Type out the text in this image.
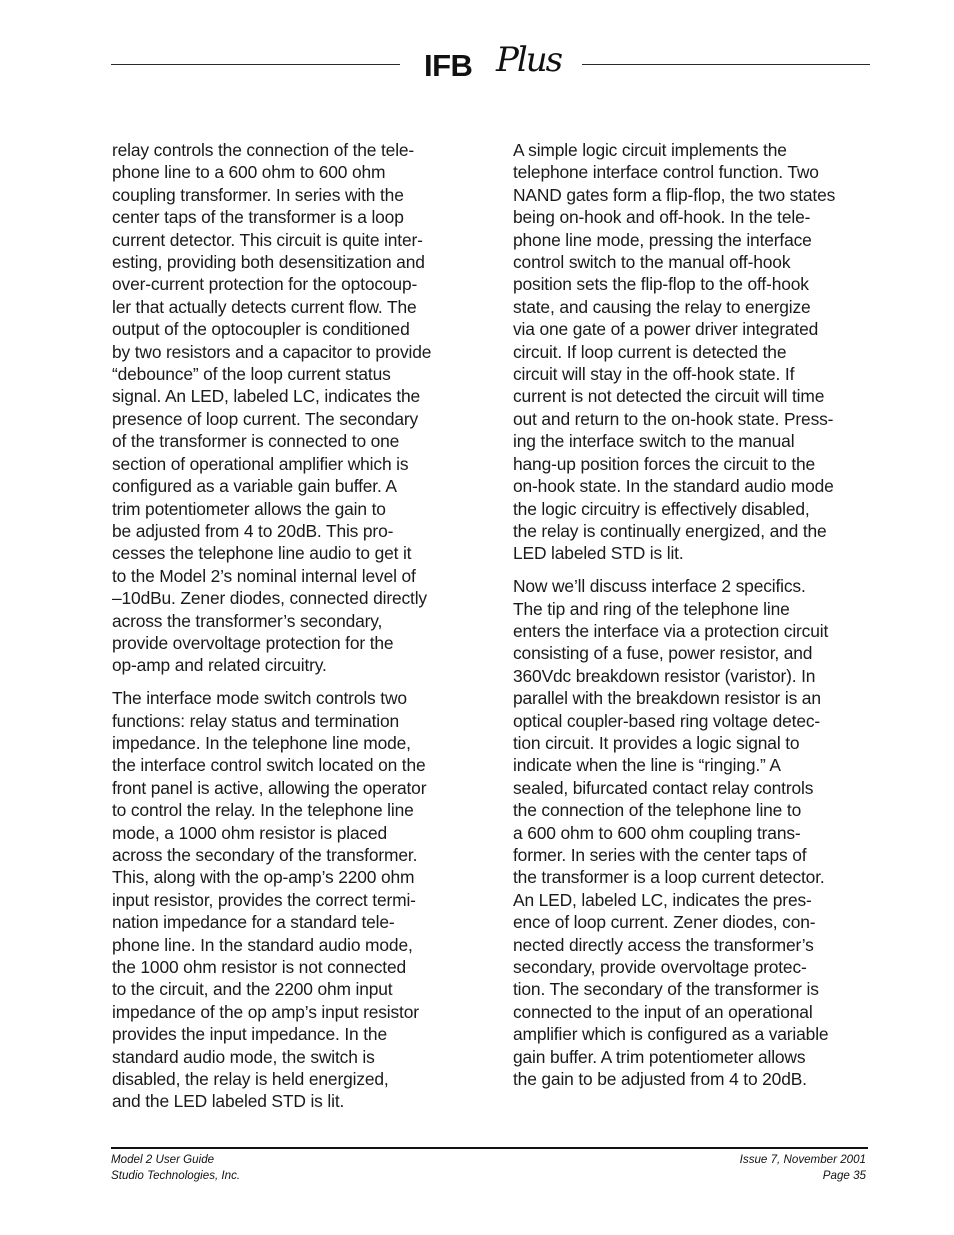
IFB Plus

relay controls the connection of the tele-
phone line to a 600 ohm to 600 ohm
coupling transformer. In series with the
center taps of the transformer is a loop
current detector. This circuit is quite inter-
esting, providing both desensitization and
over-current protection for the optocoup-
ler that actually detects current flow. The
output of the optocoupler is conditioned
by two resistors and a capacitor to provide
“debounce” of the loop current status
signal. An LED, labeled LC, indicates the
presence of loop current. The secondary
of the transformer is connected to one
section of operational amplifier which is
configured as a variable gain buffer. A
trim potentiometer allows the gain to
be adjusted from 4 to 20dB. This pro-
cesses the telephone line audio to get it
to the Model 2’s nominal internal level of
–10dBu. Zener diodes, connected directly
across the transformer’s secondary,
provide overvoltage protection for the
op-amp and related circuitry.

The interface mode switch controls two
functions: relay status and termination
impedance. In the telephone line mode,
the interface control switch located on the
front panel is active, allowing the operator
to control the relay. In the telephone line
mode, a 1000 ohm resistor is placed
across the secondary of the transformer.
This, along with the op-amp’s 2200 ohm
input resistor, provides the correct termi-
nation impedance for a standard tele-
phone line. In the standard audio mode,
the 1000 ohm resistor is not connected
to the circuit, and the 2200 ohm input
impedance of the op amp’s input resistor
provides the input impedance. In the
standard audio mode, the switch is
disabled, the relay is held energized,
and the LED labeled STD is lit.

A simple logic circuit implements the
telephone interface control function. Two
NAND gates form a flip-flop, the two states
being on-hook and off-hook. In the tele-
phone line mode, pressing the interface
control switch to the manual off-hook
position sets the flip-flop to the off-hook
state, and causing the relay to energize
via one gate of a power driver integrated
circuit. If loop current is detected the
circuit will stay in the off-hook state. If
current is not detected the circuit will time
out and return to the on-hook state. Press-
ing the interface switch to the manual
hang-up position forces the circuit to the
on-hook state. In the standard audio mode
the logic circuitry is effectively disabled,
the relay is continually energized, and the
LED labeled STD is lit.

Now we’ll discuss interface 2 specifics.
The tip and ring of the telephone line
enters the interface via a protection circuit
consisting of a fuse, power resistor, and
360Vdc breakdown resistor (varistor). In
parallel with the breakdown resistor is an
optical coupler-based ring voltage detec-
tion circuit. It provides a logic signal to
indicate when the line is “ringing.” A
sealed, bifurcated contact relay controls
the connection of the telephone line to
a 600 ohm to 600 ohm coupling trans-
former. In series with the center taps of
the transformer is a loop current detector.
An LED, labeled LC, indicates the pres-
ence of loop current. Zener diodes, con-
nected directly access the transformer’s
secondary, provide overvoltage protec-
tion. The secondary of the transformer is
connected to the input of an operational
amplifier which is configured as a variable
gain buffer. A trim potentiometer allows
the gain to be adjusted from 4 to 20dB.

Model 2 User Guide
Studio Technologies, Inc.
Issue 7, November 2001
Page 35
